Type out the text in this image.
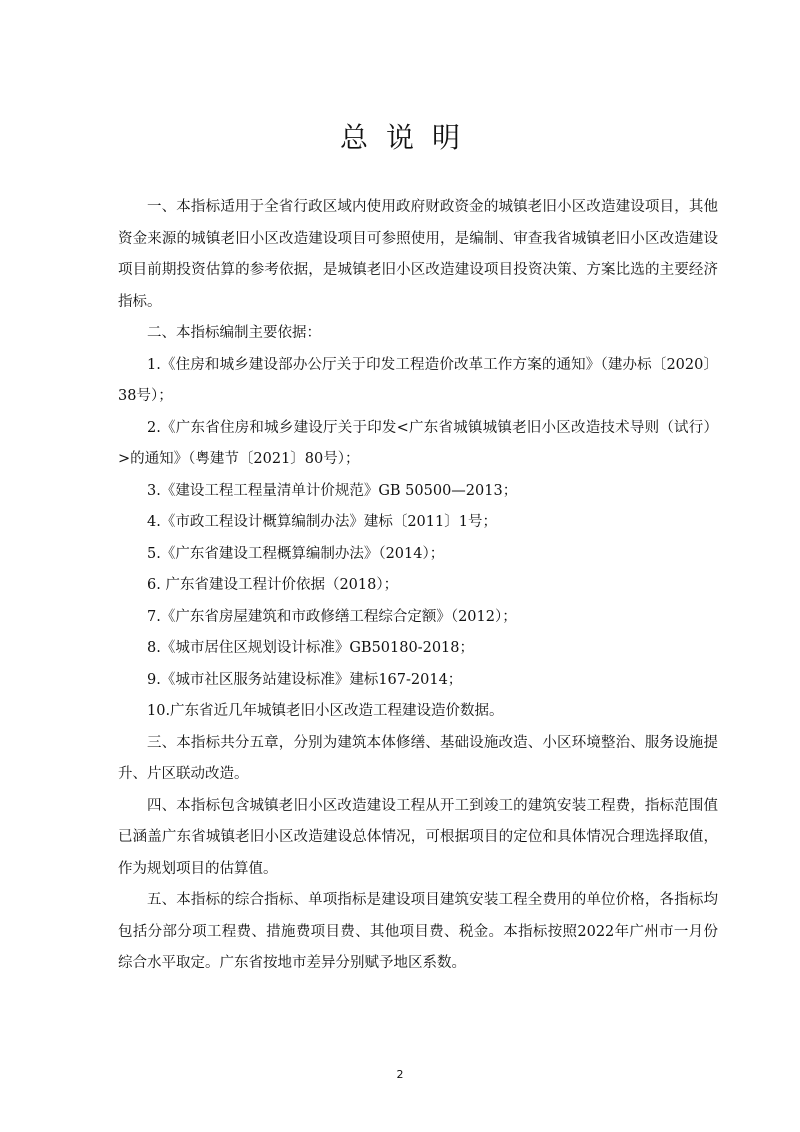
总说明

一、本指标适用于全省行政区域内使用政府财政资金的城镇老旧小区改造建设项目，其他资金来源的城镇老旧小区改造建设项目可参照使用，是编制、审查我省城镇老旧小区改造建设项目前期投资估算的参考依据，是城镇老旧小区改造建设项目投资决策、方案比选的主要经济指标。

二、本指标编制主要依据：

1.《住房和城乡建设部办公厅关于印发工程造价改革工作方案的通知》（建办标〔2020〕38号）；

2.《广东省住房和城乡建设厅关于印发<广东省城镇城镇老旧小区改造技术导则（试行）>的通知》（粤建节〔2021〕80号）；

3.《建设工程工程量清单计价规范》GB 50500—2013；

4.《市政工程设计概算编制办法》建标〔2011〕1号；

5.《广东省建设工程概算编制办法》（2014）；

6. 广东省建设工程计价依据（2018）；

7.《广东省房屋建筑和市政修缮工程综合定额》（2012）；

8.《城市居住区规划设计标准》GB50180-2018；

9.《城市社区服务站建设标准》建标167-2014；

10.广东省近几年城镇老旧小区改造工程建设造价数据。

三、本指标共分五章，分别为建筑本体修缮、基础设施改造、小区环境整治、服务设施提升、片区联动改造。

四、本指标包含城镇老旧小区改造建设工程从开工到竣工的建筑安装工程费，指标范围值已涵盖广东省城镇老旧小区改造建设总体情况，可根据项目的定位和具体情况合理选择取值，作为规划项目的估算值。

五、本指标的综合指标、单项指标是建设项目建筑安装工程全费用的单位价格，各指标均包括分部分项工程费、措施费项目费、其他项目费、税金。本指标按照2022年广州市一月份综合水平取定。广东省按地市差异分别赋予地区系数。

2
